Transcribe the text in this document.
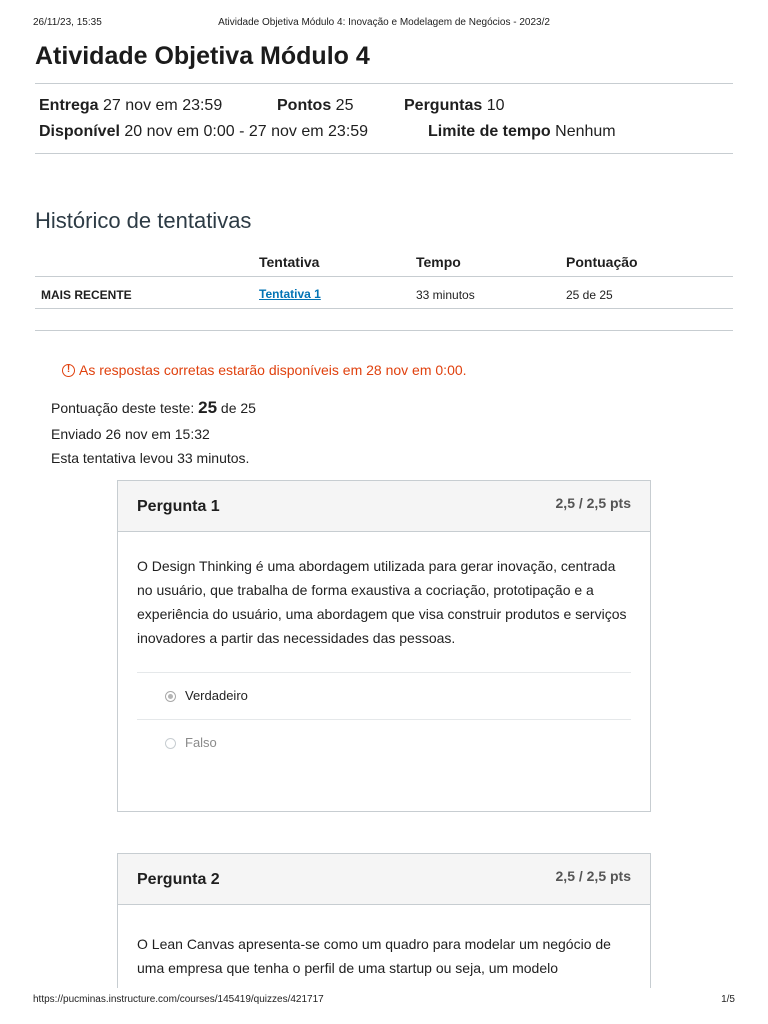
26/11/23, 15:35	Atividade Objetiva Módulo 4: Inovação e Modelagem de Negócios - 2023/2
Atividade Objetiva Módulo 4
Entrega 27 nov em 23:59	Pontos 25	Perguntas 10
Disponível 20 nov em 0:00 - 27 nov em 23:59	Limite de tempo Nenhum
Histórico de tentativas
Tentativa	Tempo	Pontuação
MAIS RECENTE	Tentativa 1	33 minutos	25 de 25
! As respostas corretas estarão disponíveis em 28 nov em 0:00.
Pontuação deste teste: 25 de 25
Enviado 26 nov em 15:32
Esta tentativa levou 33 minutos.
Pergunta 1	2,5 / 2,5 pts

O Design Thinking é uma abordagem utilizada para gerar inovação, centrada no usuário, que trabalha de forma exaustiva a cocriação, prototipação e a experiência do usuário, uma abordagem que visa construir produtos e serviços inovadores a partir das necessidades das pessoas.

Verdadeiro
Falso
Pergunta 2	2,5 / 2,5 pts

O Lean Canvas apresenta-se como um quadro para modelar um negócio de uma empresa que tenha o perfil de uma startup ou seja, um modelo

https://pucminas.instructure.com/courses/145419/quizzes/421717	1/5
